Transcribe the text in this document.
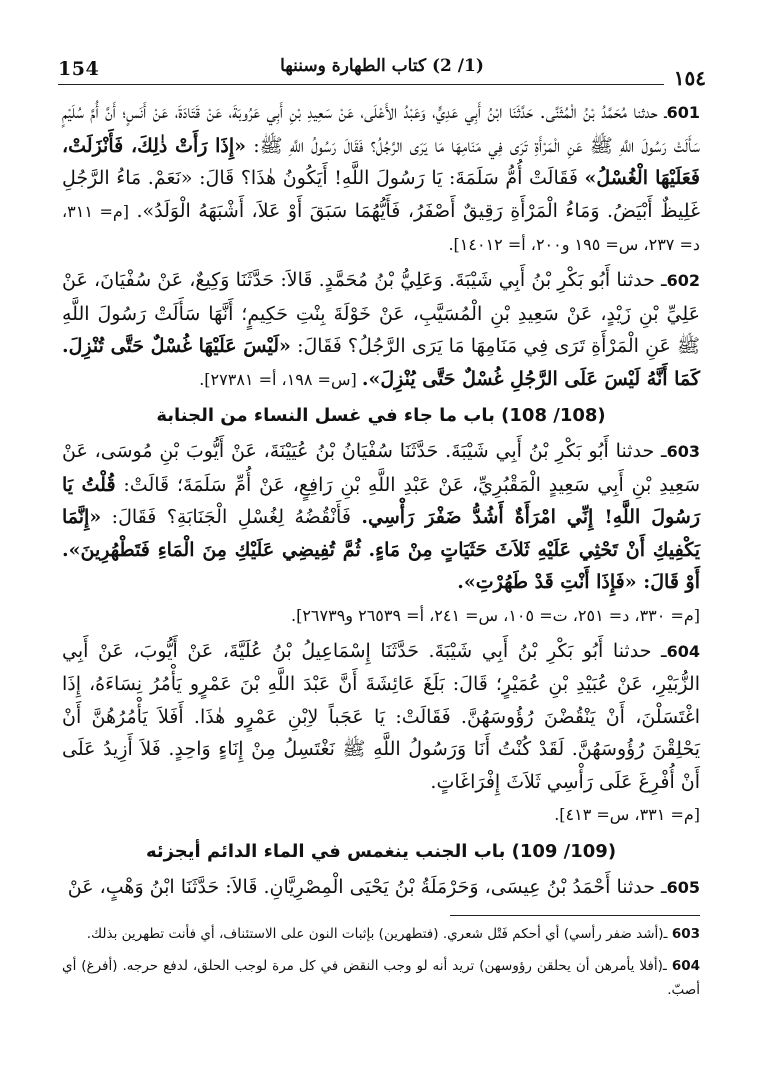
154	(1/ 2) كتاب الطهارة وسننها	١٥٤

601ـ حدثنا مُحَمَّدُ بْنُ الْمُثَنَّى. حَدَّثَنَا ابْنُ أَبِي عَدِيٍّ، وَعَبْدُ الأَعْلَى، عَنْ سَعِيدِ بْنِ أَبِي عَرُوبَةَ، عَنْ قَتَادَةَ، عَنْ أَنَسٍ؛ أَنَّ أُمَّ سُلَيْمٍ سَأَلَتْ رَسُولَ اللَّهِ ﷺ عَنِ الْمَرْأَةِ تَرَى فِي مَنَامِهَا مَا يَرَى الرَّجُلُ؟ فَقَالَ رَسُولُ اللَّهِ ﷺ: «إِذَا رَأَتْ ذٰلِكَ، فَأَنْزَلَتْ، فَعَلَيْهَا الْغُسْلُ» فَقَالَتْ أُمُّ سَلَمَةَ: يَا رَسُولَ اللَّهِ! أَيَكُونُ هٰذَا؟ قَالَ: «نَعَمْ. مَاءُ الرَّجُلِ غَلِيظٌ أَبْيَضُ. وَمَاءُ الْمَرْأَةِ رَقِيقٌ أَصْفَرُ، فَأَيُّهُمَا سَبَقَ أَوْ عَلاَ، أَشْبَهَهُ الْوَلَدُ». [م= ٣١١، د= ٢٣٧، س= ١٩٥ و٢٠٠، أ= ١٤٠١٢].

602ـ حدثنا أَبُو بَكْرِ بْنُ أَبِي شَيْبَةَ. وَعَلِيُّ بْنُ مُحَمَّدٍ. قَالاَ: حَدَّثَنَا وَكِيعٌ، عَنْ سُفْيَانَ، عَنْ عَلِيِّ بْنِ زَيْدٍ، عَنْ سَعِيدِ بْنِ الْمُسَيَّبِ، عَنْ خَوْلَةَ بِنْتِ حَكِيمٍ؛ أَنَّهَا سَأَلَتْ رَسُولَ اللَّهِ ﷺ عَنِ الْمَرْأَةِ تَرَى فِي مَنَامِهَا مَا يَرَى الرَّجُلُ؟ فَقَالَ: «لَيْسَ عَلَيْهَا غُسْلٌ حَتَّى تُنْزِلَ. كَمَا أَنَّهُ لَيْسَ عَلَى الرَّجُلِ غُسْلٌ حَتَّى يُنْزِلَ». [س= ١٩٨، أ= ٢٧٣٨١].

(108/ 108) باب ما جاء في غسل النساء من الجنابة

603ـ حدثنا أَبُو بَكْرِ بْنُ أَبِي شَيْبَةَ. حَدَّثَنَا سُفْيَانُ بْنُ عُيَيْنَةَ، عَنْ أَيُّوبَ بْنِ مُوسَى، عَنْ سَعِيدِ بْنِ أَبِي سَعِيدٍ الْمَقْبُرِيِّ، عَنْ عَبْدِ اللَّهِ بْنِ رَافِعٍ، عَنْ أُمِّ سَلَمَةَ؛ قَالَتْ: قُلْتُ يَا رَسُولَ اللَّهِ! إِنِّي امْرَأَةٌ أَشُدُّ ضَفْرَ رَأْسِي. فَأَنْقُضُهُ لِغُسْلِ الْجَنَابَةِ؟ فَقَالَ: «إِنَّمَا يَكْفِيكِ أَنْ تَحْثِي عَلَيْهِ ثَلاَثَ حَثَيَاتٍ مِنْ مَاءٍ. ثُمَّ تُفِيضِي عَلَيْكِ مِنَ الْمَاءِ فَتَطْهُرِينَ». أَوْ قَالَ: «فَإِذَا أَنْتِ قَدْ طَهُرْتِ».
[م= ٣٣٠، د= ٢٥١، ت= ١٠٥، س= ٢٤١، أ= ٢٦٥٣٩ و٢٦٧٣٩].

604ـ حدثنا أَبُو بَكْرِ بْنُ أَبِي شَيْبَةَ. حَدَّثَنَا إِسْمَاعِيلُ بْنُ عُلَيَّةَ، عَنْ أَيُّوبَ، عَنْ أَبِي الزُّبَيْرِ، عَنْ عُبَيْدِ بْنِ عُمَيْرٍ؛ قَالَ: بَلَغَ عَائِشَةَ أَنَّ عَبْدَ اللَّهِ بْنَ عَمْرٍو يَأْمُرُ نِسَاءَهُ، إِذَا اغْتَسَلْنَ، أَنْ يَنْقُضْنَ رُؤُوسَهُنَّ. فَقَالَتْ: يَا عَجَباً لاِبْنِ عَمْرٍو هٰذَا. أَفَلاَ يَأْمُرُهُنَّ أَنْ يَحْلِقْنَ رُؤُوسَهُنَّ. لَقَدْ كُنْتُ أَنَا وَرَسُولُ اللَّهِ ﷺ نَغْتَسِلُ مِنْ إِنَاءٍ وَاحِدٍ. فَلاَ أَزِيدُ عَلَى أَنْ أُفْرِغَ عَلَى رَأْسِي ثَلاَثَ إِفْرَاغَاتٍ.
[م= ٣٣١، س= ٤١٣].

(109/ 109) باب الجنب ينغمس في الماء الدائم أيجزئه

605ـ حدثنا أَحْمَدُ بْنُ عِيسَى، وَحَرْمَلَةُ بْنُ يَحْيَى الْمِصْرِيَّانِ. قَالاَ: حَدَّثَنَا ابْنُ وَهْبٍ، عَنْ

603 ـ(أشد ضفر رأسي) أي أحكم فَتْل شعري. (فتطهرين) بإثبات النون على الاستئناف، أي فأنت تطهرين بذلك.

604 ـ(أفلا يأمرهن أن يحلقن رؤوسهن) تريد أنه لو وجب النقض في كل مرة لوجب الحلق، لدفع حرجه. (أفرغ) أي أصبّ.
